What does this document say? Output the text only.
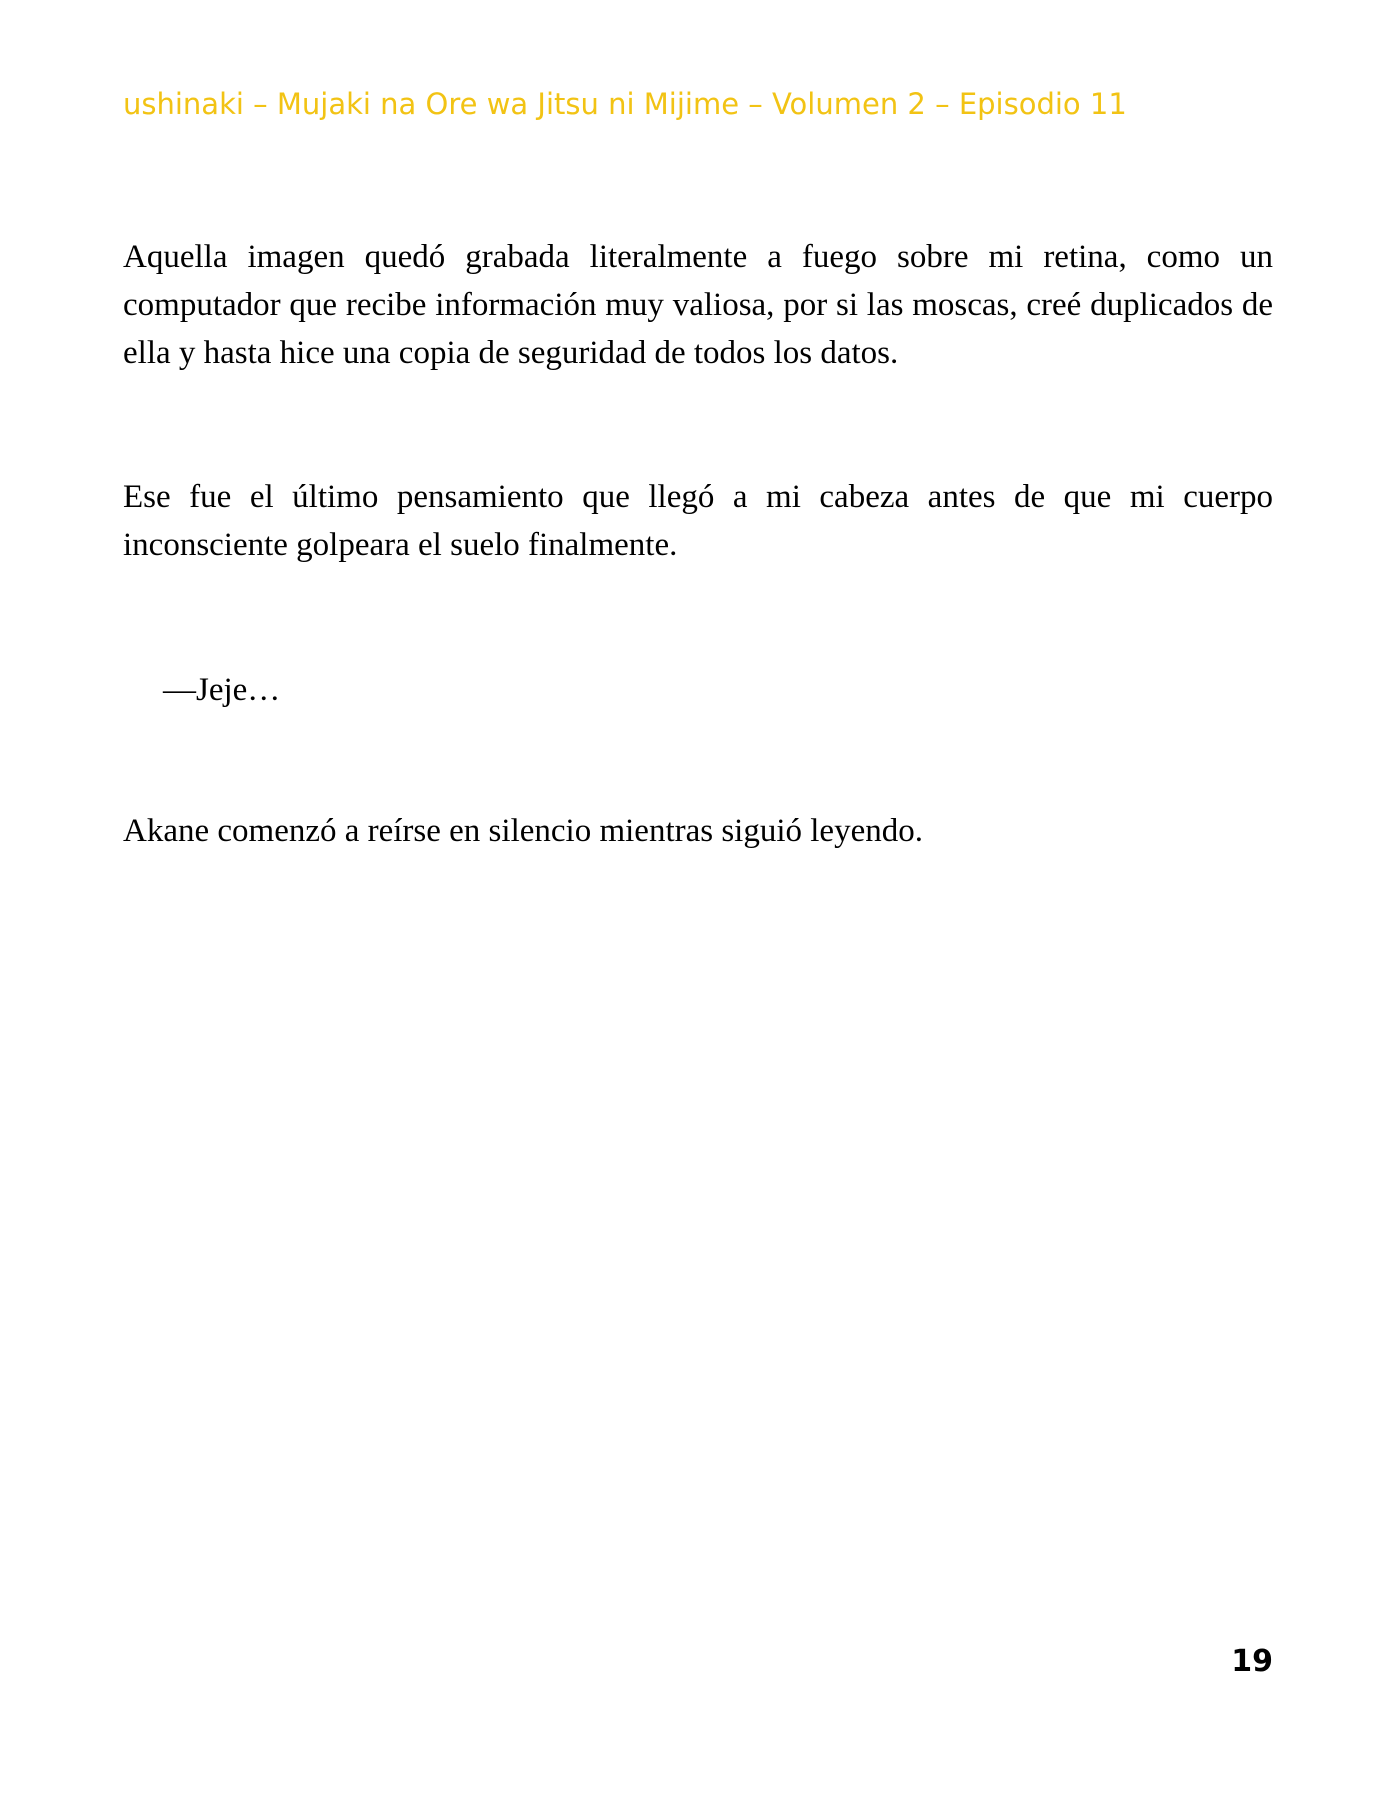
ushinaki – Mujaki na Ore wa Jitsu ni Mijime – Volumen 2 – Episodio 11

Aquella imagen quedó grabada literalmente a fuego sobre mi retina, como un computador que recibe información muy valiosa, por si las moscas, creé duplicados de ella y hasta hice una copia de seguridad de todos los datos.

Ese fue el último pensamiento que llegó a mi cabeza antes de que mi cuerpo inconsciente golpeara el suelo finalmente.

—Jeje…

Akane comenzó a reírse en silencio mientras siguió leyendo.

19
